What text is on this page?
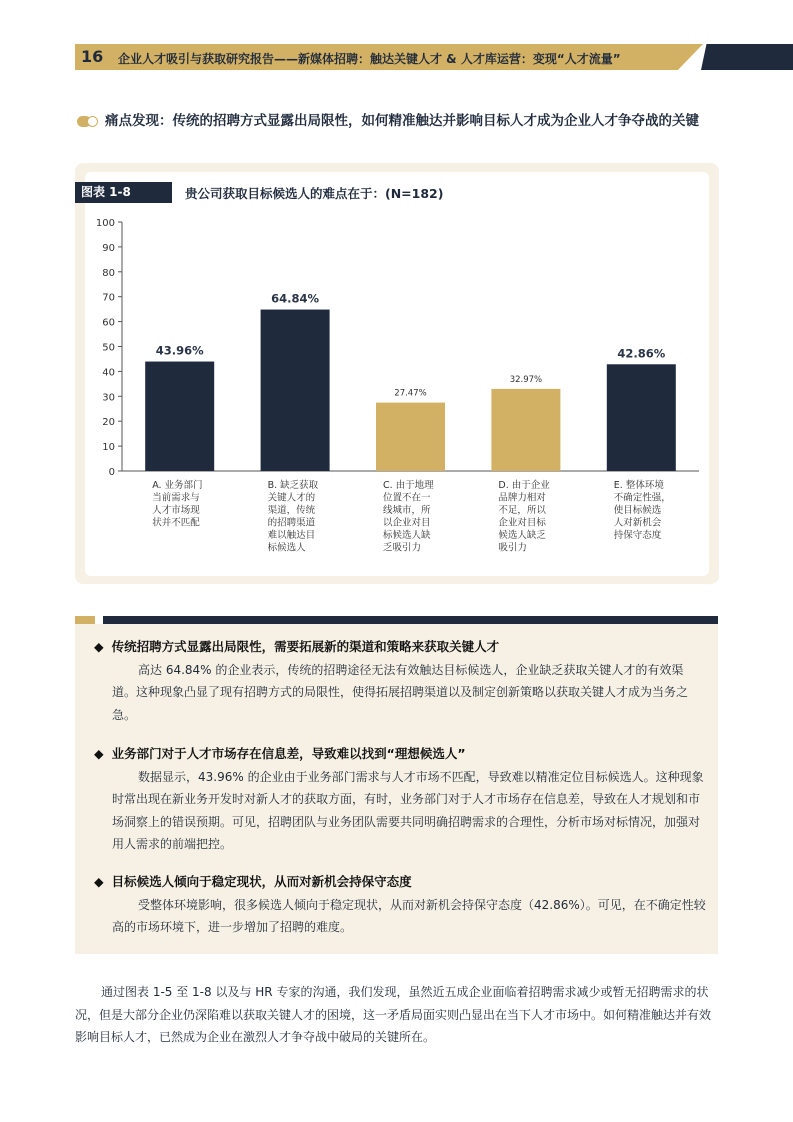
16 企业人才吸引与获取研究报告——新媒体招聘：触达关键人才 & 人才库运营：变现“人才流量”
痛点发现：传统的招聘方式显露出局限性，如何精准触达并影响目标人才成为企业人才争夺战的关键
图表 1-8	贵公司获取目标候选人的难点在于：(N=182)
0
10
20
30
40
50
60
70
80
90
100
43.96%
A. 业务部门
当前需求与
人才市场现
状并不匹配
64.84%
B. 缺乏获取
关键人才的
渠道，传统
的招聘渠道
难以触达目
标候选人
27.47%
C. 由于地理
位置不在一
线城市，所
以企业对目
标候选人缺
乏吸引力
32.97%
D. 由于企业
品牌力相对
不足，所以
企业对目标
候选人缺乏
吸引力
42.86%
E. 整体环境
不确定性强，
使目标候选
人对新机会
持保守态度
◆ 传统招聘方式显露出局限性，需要拓展新的渠道和策略来获取关键人才

高达 64.84% 的企业表示，传统的招聘途径无法有效触达目标候选人，企业缺乏获取关键人才的有效渠道。这种现象凸显了现有招聘方式的局限性，使得拓展招聘渠道以及制定创新策略以获取关键人才成为当务之急。

◆ 业务部门对于人才市场存在信息差，导致难以找到“理想候选人”

数据显示，43.96% 的企业由于业务部门需求与人才市场不匹配，导致难以精准定位目标候选人。这种现象时常出现在新业务开发时对新人才的获取方面，有时，业务部门对于人才市场存在信息差，导致在人才规划和市场洞察上的错误预期。可见，招聘团队与业务团队需要共同明确招聘需求的合理性，分析市场对标情况，加强对用人需求的前端把控。

◆ 目标候选人倾向于稳定现状，从而对新机会持保守态度

受整体环境影响，很多候选人倾向于稳定现状，从而对新机会持保守态度（42.86%）。可见，在不确定性较高的市场环境下，进一步增加了招聘的难度。

通过图表 1-5 至 1-8 以及与 HR 专家的沟通，我们发现，虽然近五成企业面临着招聘需求减少或暂无招聘需求的状况，但是大部分企业仍深陷难以获取关键人才的困境，这一矛盾局面实则凸显出在当下人才市场中。如何精准触达并有效影响目标人才，已然成为企业在激烈人才争夺战中破局的关键所在。
